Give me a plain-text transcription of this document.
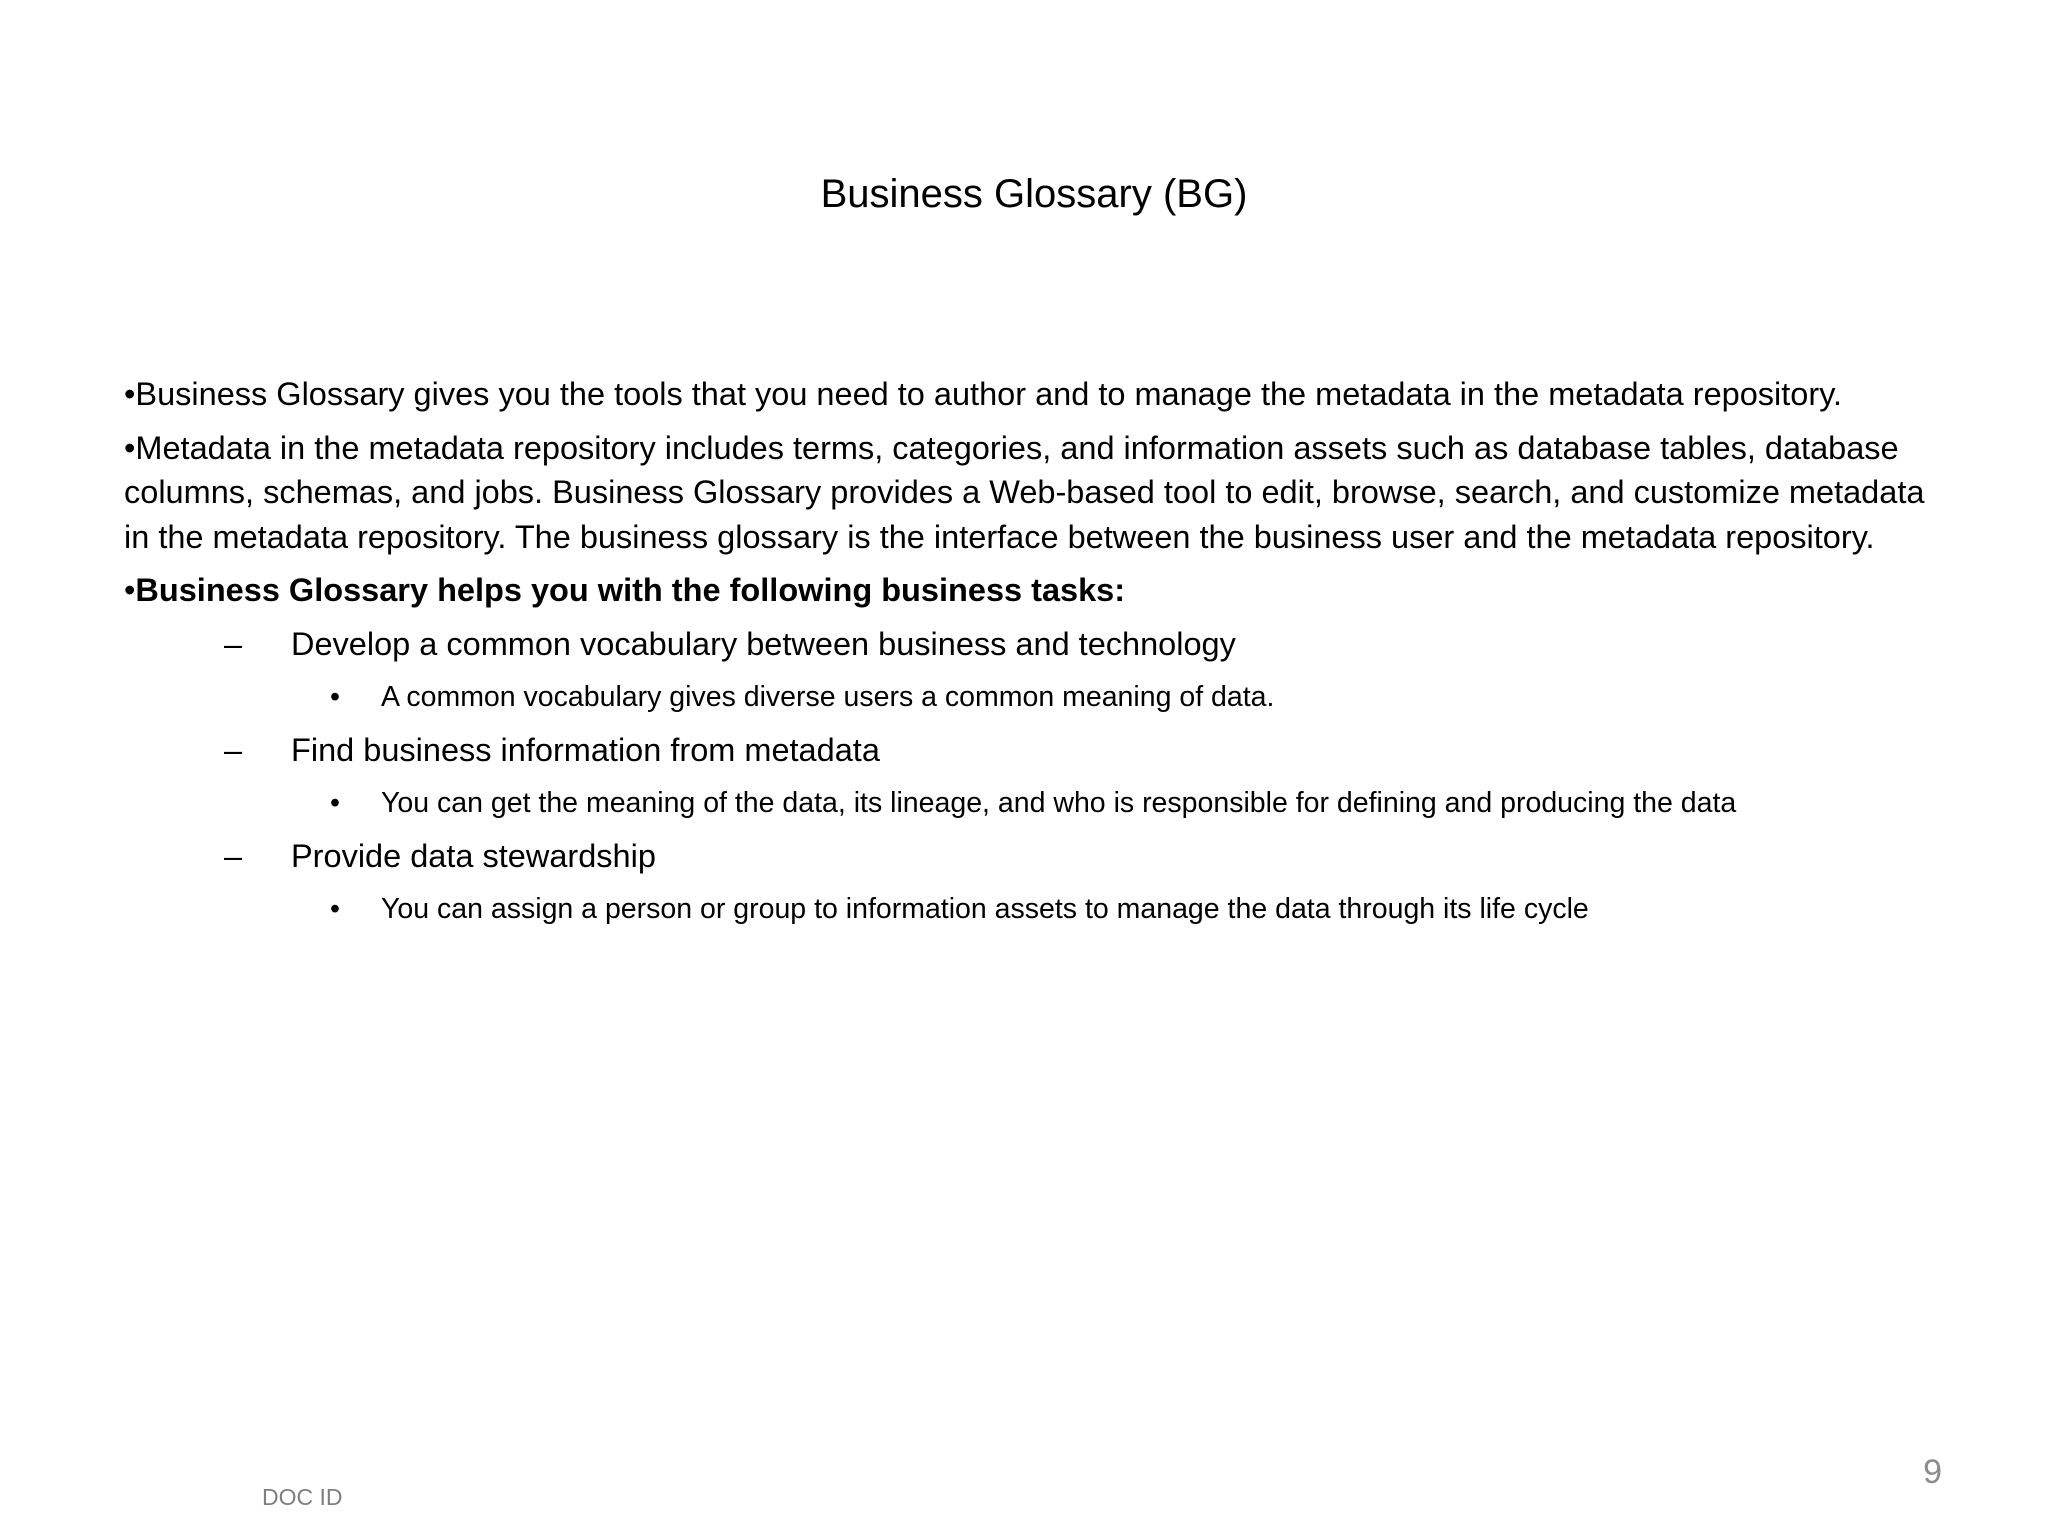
Business Glossary (BG)

•Business Glossary gives you the tools that you need to author and to manage the metadata in the metadata repository.

•Metadata in the metadata repository includes terms, categories, and information assets such as database tables, database columns, schemas, and jobs. Business Glossary provides a Web-based tool to edit, browse, search, and customize metadata in the metadata repository. The business glossary is the interface between the business user and the metadata repository.

•Business Glossary helps you with the following business tasks:

– Develop a common vocabulary between business and technology
• A common vocabulary gives diverse users a common meaning of data.
– Find business information from metadata
• You can get the meaning of the data, its lineage, and who is responsible for defining and producing the data
– Provide data stewardship
• You can assign a person or group to information assets to manage the data through its life cycle
DOC ID
9
